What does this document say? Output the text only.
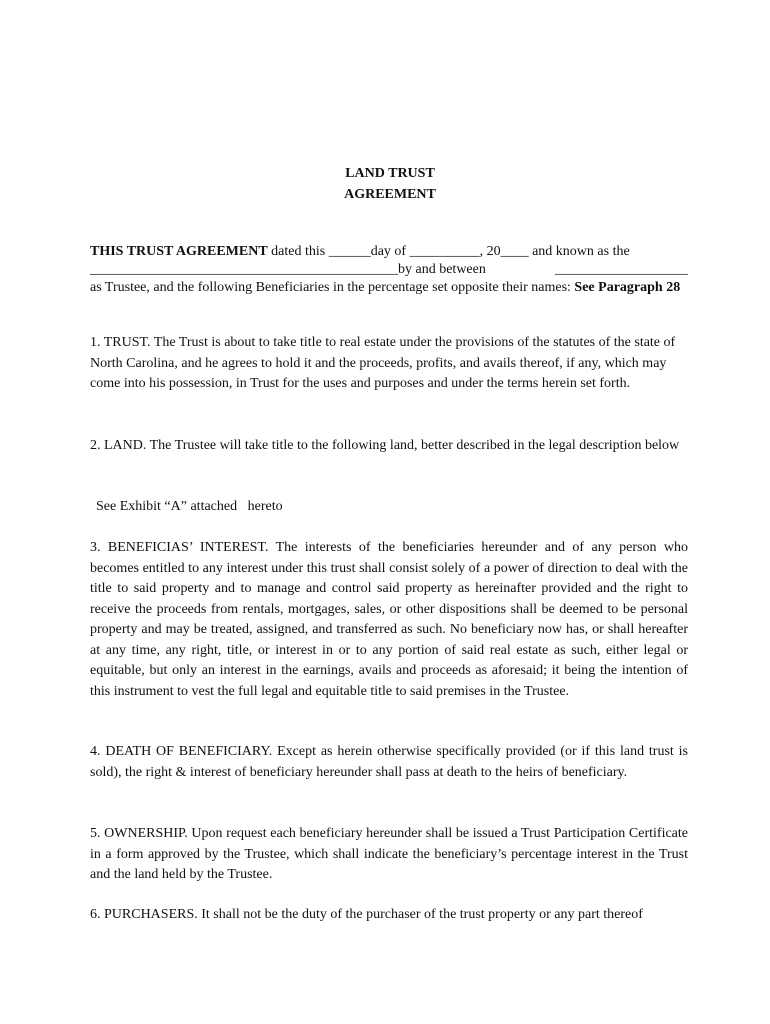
LAND TRUST
AGREEMENT
THIS TRUST AGREEMENT dated this ______day of __________, 20____ and known as the
____________________________________________by and between	___________________
as Trustee, and the following Beneficiaries in the percentage set opposite their names: See Paragraph 28

1. TRUST. The Trust is about to take title to real estate under the provisions of the statutes of the state of North Carolina, and he agrees to hold it and the proceeds, profits, and avails thereof, if any, which may come into his possession, in Trust for the uses and purposes and under the terms herein set forth.

2. LAND. The Trustee will take title to the following land, better described in the legal description below

See Exhibit “A” attached   hereto

3. BENEFICIAS’ INTEREST. The interests of the beneficiaries hereunder and of any person who becomes entitled to any interest under this trust shall consist solely of a power of direction to deal with the title to said property and to manage and control said property as hereinafter provided and the right to receive the proceeds from rentals, mortgages, sales, or other dispositions shall be deemed to be personal property and may be treated, assigned, and transferred as such. No beneficiary now has, or shall hereafter at any time, any right, title, or interest in or to any portion of said real estate as such, either legal or equitable, but only an interest in the earnings, avails and proceeds as aforesaid; it being the intention of this instrument to vest the full legal and equitable title to said premises in the Trustee.

4. DEATH OF BENEFICIARY. Except as herein otherwise specifically provided (or if this land trust is sold), the right & interest of beneficiary hereunder shall pass at death to the heirs of beneficiary.

5. OWNERSHIP. Upon request each beneficiary hereunder shall be issued a Trust Participation Certificate in a form approved by the Trustee, which shall indicate the beneficiary’s percentage interest in the Trust and the land held by the Trustee.

6. PURCHASERS. It shall not be the duty of the purchaser of the trust property or any part thereof
